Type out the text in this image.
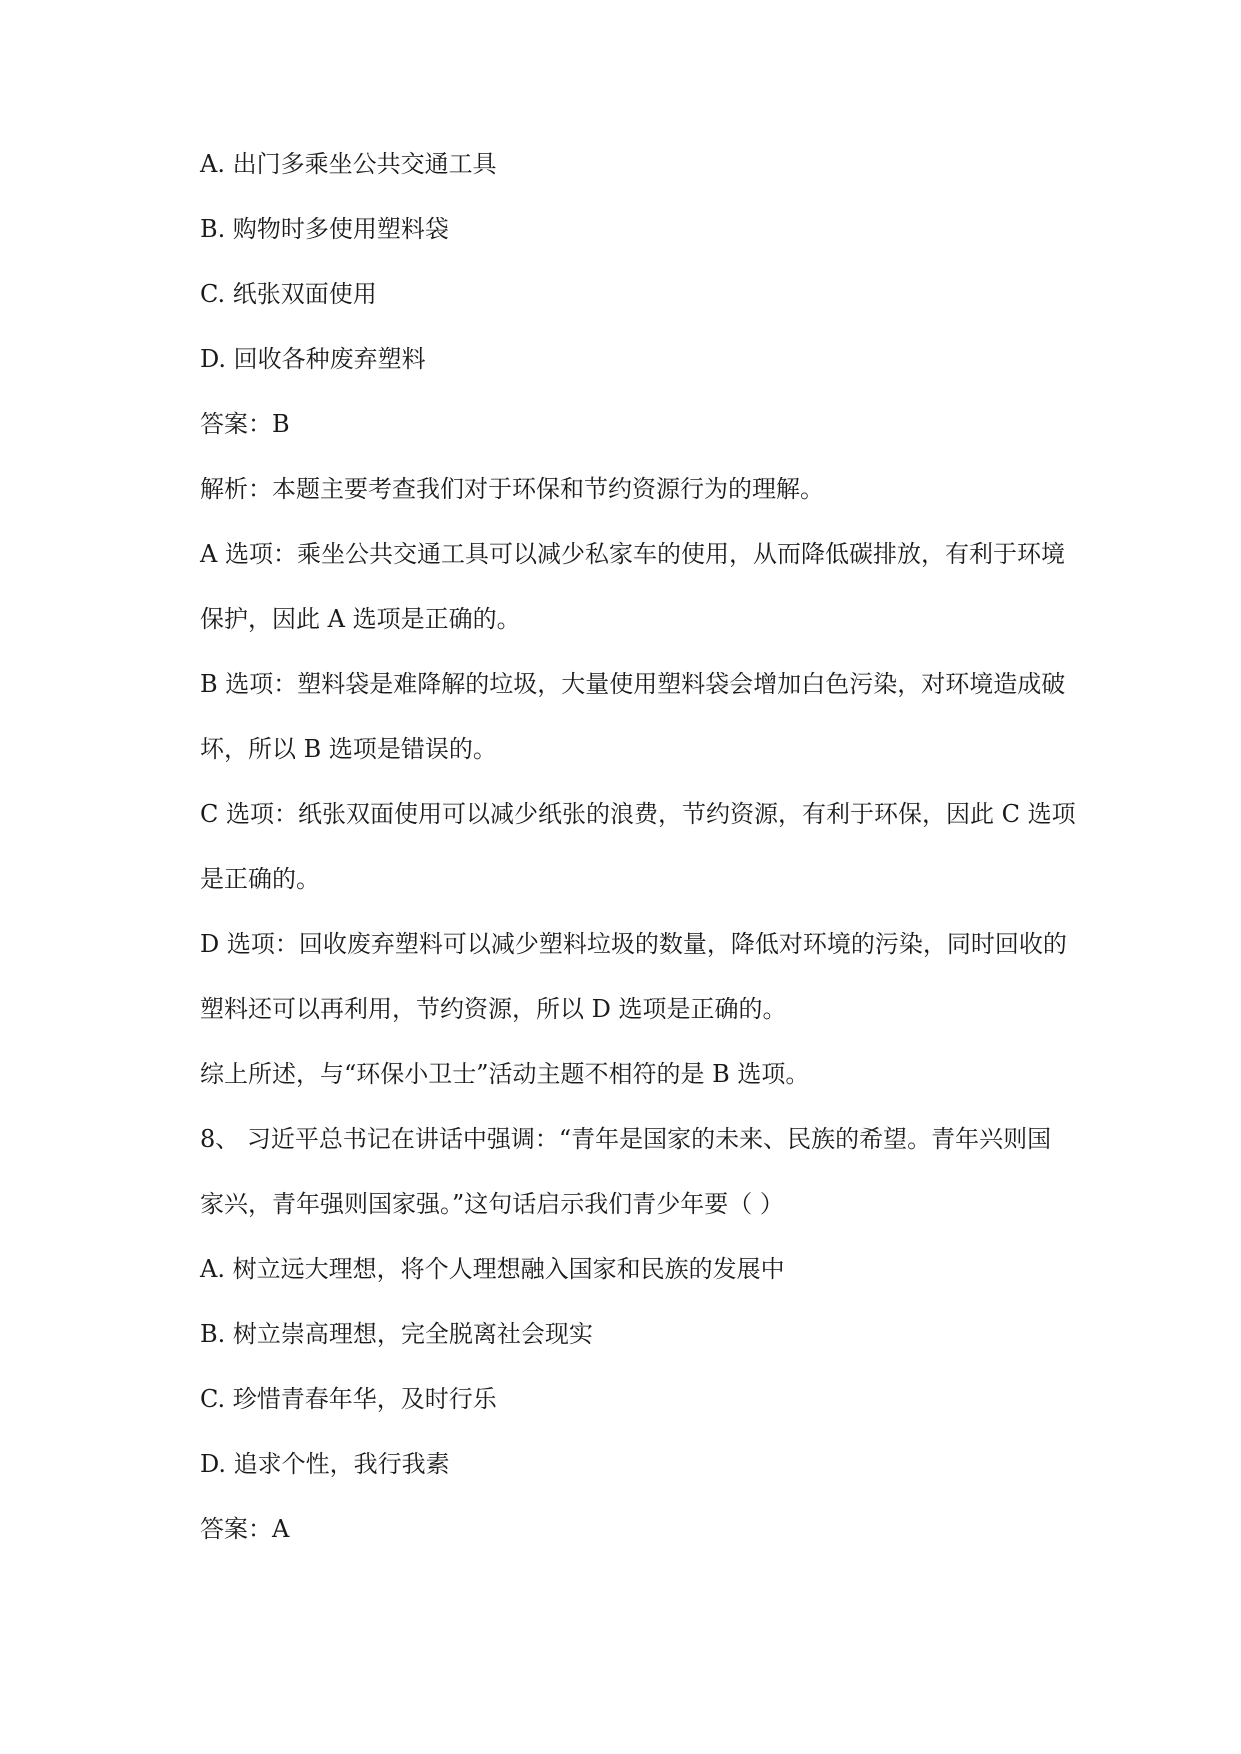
A. 出门多乘坐公共交通工具

B. 购物时多使用塑料袋

C. 纸张双面使用

D. 回收各种废弃塑料

答案：B

解析：本题主要考查我们对于环保和节约资源行为的理解。

A 选项：乘坐公共交通工具可以减少私家车的使用，从而降低碳排放，有利于环境

保护，因此 A 选项是正确的。

B 选项：塑料袋是难降解的垃圾，大量使用塑料袋会增加白色污染，对环境造成破

坏，所以 B 选项是错误的。

C 选项：纸张双面使用可以减少纸张的浪费，节约资源，有利于环保，因此 C 选项

是正确的。

D 选项：回收废弃塑料可以减少塑料垃圾的数量，降低对环境的污染，同时回收的

塑料还可以再利用，节约资源，所以 D 选项是正确的。

综上所述，与“环保小卫士”活动主题不相符的是 B 选项。

8、 习近平总书记在讲话中强调：“青年是国家的未来、民族的希望。青年兴则国

家兴，青年强则国家强。”这句话启示我们青少年要（ ）

A. 树立远大理想，将个人理想融入国家和民族的发展中

B. 树立崇高理想，完全脱离社会现实

C. 珍惜青春年华，及时行乐

D. 追求个性，我行我素

答案：A
